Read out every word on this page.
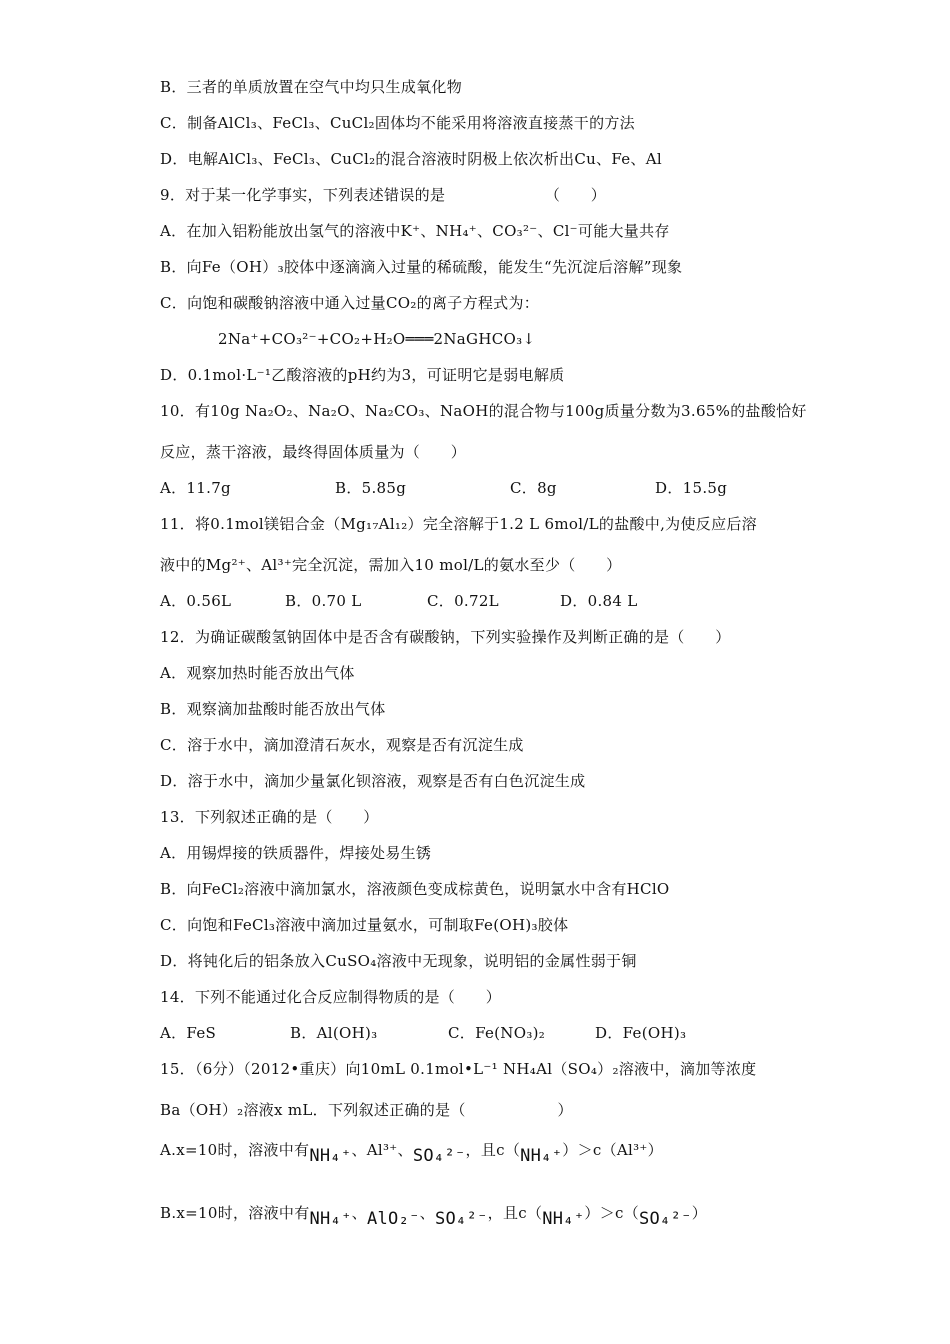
B．三者的单质放置在空气中均只生成氧化物
C．制备AlCl₃、FeCl₃、CuCl₂固体均不能采用将溶液直接蒸干的方法
D．电解AlCl₃、FeCl₃、CuCl₂的混合溶液时阴极上依次析出Cu、Fe、Al
9．对于某一化学事实，下列表述错误的是　　　　　　　（　　）
A．在加入铝粉能放出氢气的溶液中K⁺、NH₄⁺、CO₃²⁻、Cl⁻可能大量共存
B．向Fe（OH）₃胶体中逐滴滴入过量的稀硫酸，能发生“先沉淀后溶解”现象
C．向饱和碳酸钠溶液中通入过量CO₂的离子方程式为：
2Na⁺+CO₃²⁻+CO₂+H₂O═══2NaGHCO₃↓
D．0.1mol·L⁻¹乙酸溶液的pH约为3，可证明它是弱电解质
10．有10g Na₂O₂、Na₂O、Na₂CO₃、NaOH的混合物与100g质量分数为3.65%的盐酸恰好
反应，蒸干溶液，最终得固体质量为（　　）
A．11.7g	B．5.85g	C．8g	D．15.5g
11．将0.1mol镁铝合金（Mg₁₇Al₁₂）完全溶解于1.2 L 6mol/L的盐酸中,为使反应后溶
液中的Mg²⁺、Al³⁺完全沉淀，需加入10 mol/L的氨水至少（　　）
A．0.56L	B．0.70 L	C．0.72L	D．0.84 L
12．为确证碳酸氢钠固体中是否含有碳酸钠，下列实验操作及判断正确的是（　　）
A．观察加热时能否放出气体
B．观察滴加盐酸时能否放出气体
C．溶于水中，滴加澄清石灰水，观察是否有沉淀生成
D．溶于水中，滴加少量氯化钡溶液，观察是否有白色沉淀生成
13．下列叙述正确的是（　　）
A．用锡焊接的铁质器件，焊接处易生锈
B．向FeCl₂溶液中滴加氯水，溶液颜色变成棕黄色，说明氯水中含有HClO
C．向饱和FeCl₃溶液中滴加过量氨水，可制取Fe(OH)₃胶体
D．将钝化后的铝条放入CuSO₄溶液中无现象，说明铝的金属性弱于铜
14．下列不能通过化合反应制得物质的是（　　）
A．FeS	B．Al(OH)₃	C．Fe(NO₃)₂	D．Fe(OH)₃
15．（6分）（2012•重庆）向10mL 0.1mol•L⁻¹ NH₄Al（SO₄）₂溶液中，滴加等浓度
Ba（OH）₂溶液x mL．下列叙述正确的是（　　　　　　）
A.x=10时，溶液中有NH₄⁺、Al³⁺、SO₄²⁻，且c（NH₄⁺）＞c（Al³⁺）
B.x=10时，溶液中有NH₄⁺、AlO₂⁻、SO₄²⁻，且c（NH₄⁺）＞c（SO₄²⁻）
